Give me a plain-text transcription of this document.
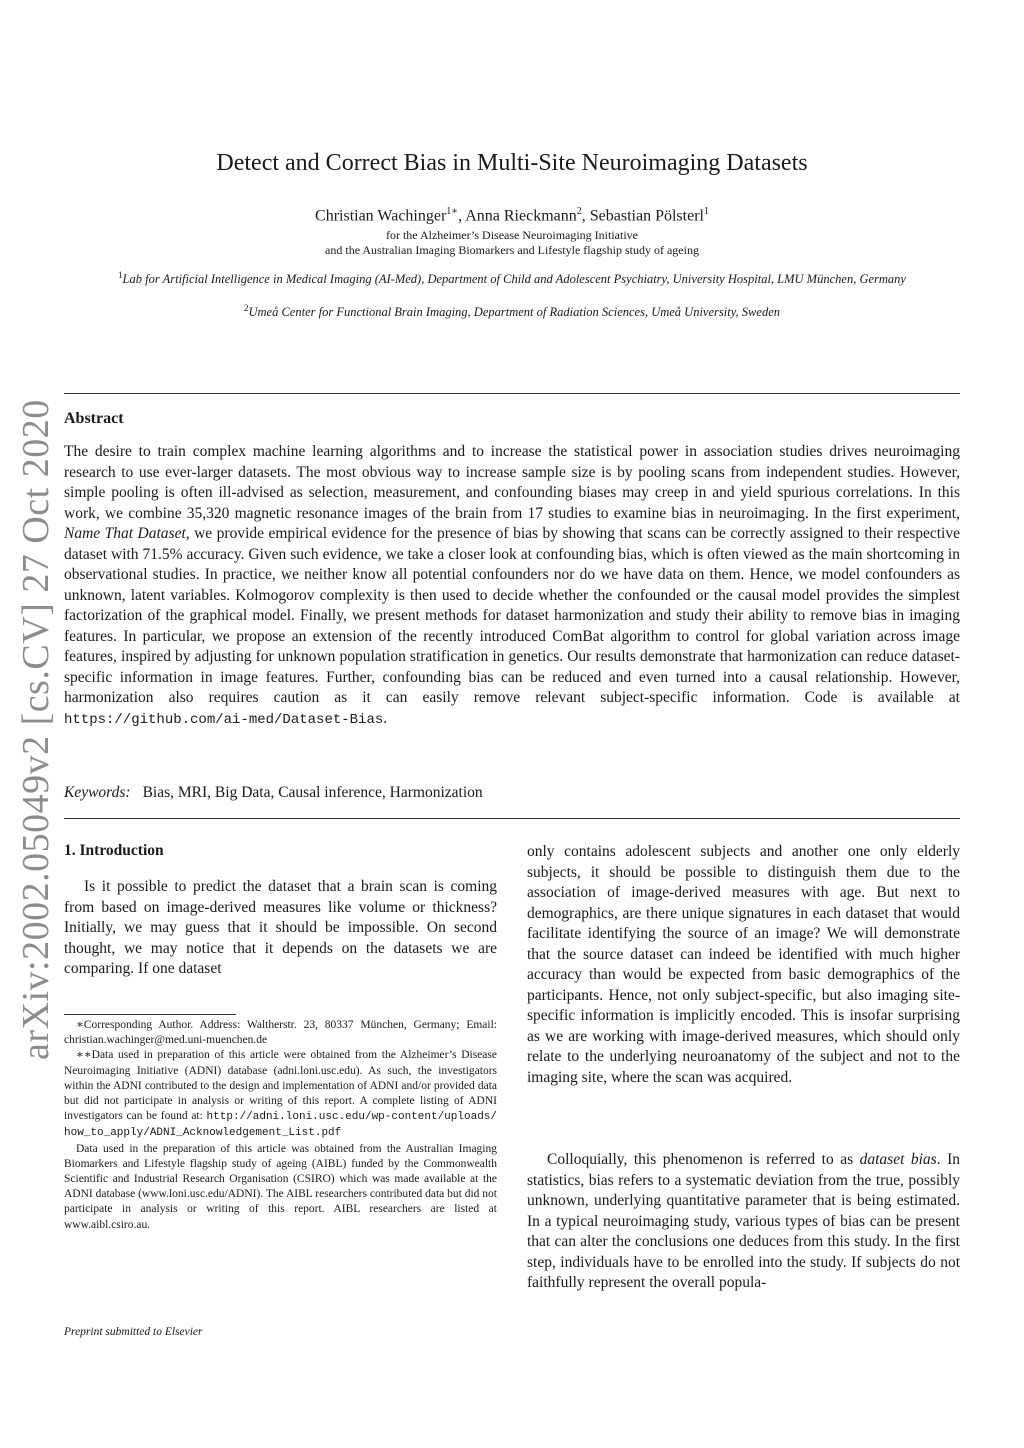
arXiv:2002.05049v2 [cs.CV] 27 Oct 2020
Detect and Correct Bias in Multi-Site Neuroimaging Datasets
Christian Wachinger$^{1∗}$, Anna Rieckmann$^2$, Sebastian Pölsterl$^1$
for the Alzheimer’s Disease Neuroimaging Initiative
and the Australian Imaging Biomarkers and Lifestyle flagship study of ageing
$^1$Lab for Artificial Intelligence in Medical Imaging (AI-Med), Department of Child and Adolescent Psychiatry, University Hospital, LMU München, Germany
$^2$Umeå Center for Functional Brain Imaging, Department of Radiation Sciences, Umeå University, Sweden
Abstract

The desire to train complex machine learning algorithms and to increase the statistical power in association studies drives neuroimaging research to use ever-larger datasets. The most obvious way to increase sample size is by pooling scans from independent studies. However, simple pooling is often ill-advised as selection, measurement, and confounding biases may creep in and yield spurious correlations. In this work, we combine 35,320 magnetic resonance images of the brain from 17 studies to examine bias in neuroimaging. In the first experiment, Name That Dataset, we provide empirical evidence for the presence of bias by showing that scans can be correctly assigned to their respective dataset with 71.5% accuracy. Given such evidence, we take a closer look at confounding bias, which is often viewed as the main shortcoming in observational studies. In practice, we neither know all potential confounders nor do we have data on them. Hence, we model confounders as unknown, latent variables. Kolmogorov complexity is then used to decide whether the confounded or the causal model provides the simplest factorization of the graphical model. Finally, we present methods for dataset harmonization and study their ability to remove bias in imaging features. In particular, we propose an extension of the recently introduced ComBat algorithm to control for global variation across image features, inspired by adjusting for unknown population stratification in genetics. Our results demonstrate that harmonization can reduce dataset-specific information in image features. Further, confounding bias can be reduced and even turned into a causal relationship. However, harmonization also requires caution as it can easily remove relevant subject-specific information. Code is available at https://github.com/ai-med/Dataset-Bias.

Keywords: Bias, MRI, Big Data, Causal inference, Harmonization
1. Introduction

Is it possible to predict the dataset that a brain scan is coming from based on image-derived measures like volume or thickness? Initially, we may guess that it should be impossible. On second thought, we may notice that it depends on the datasets we are comparing. If one dataset

∗Corresponding Author. Address: Waltherstr. 23, 80337 München, Germany; Email: christian.wachinger@med.uni-muenchen.de

∗∗Data used in preparation of this article were obtained from the Alzheimer’s Disease Neuroimaging Initiative (ADNI) database (adni.loni.usc.edu). As such, the investigators within the ADNI contributed to the design and implementation of ADNI and/or provided data but did not participate in analysis or writing of this report. A complete listing of ADNI investigators can be found at: http://adni.loni.usc.edu/wp-content/uploads/how_to_apply/ADNI_Acknowledgement_List.pdf

Data used in the preparation of this article was obtained from the Australian Imaging Biomarkers and Lifestyle flagship study of ageing (AIBL) funded by the Commonwealth Scientific and Industrial Research Organisation (CSIRO) which was made available at the ADNI database (www.loni.usc.edu/ADNI). The AIBL researchers contributed data but did not participate in analysis or writing of this report. AIBL researchers are listed at www.aibl.csiro.au.

Preprint submitted to Elsevier

only contains adolescent subjects and another one only elderly subjects, it should be possible to distinguish them due to the association of image-derived measures with age. But next to demographics, are there unique signatures in each dataset that would facilitate identifying the source of an image? We will demonstrate that the source dataset can indeed be identified with much higher accuracy than would be expected from basic demographics of the participants. Hence, not only subject-specific, but also imaging site-specific information is implicitly encoded. This is insofar surprising as we are working with image-derived measures, which should only relate to the underlying neuroanatomy of the subject and not to the imaging site, where the scan was acquired.

Colloquially, this phenomenon is referred to as dataset bias. In statistics, bias refers to a systematic deviation from the true, possibly unknown, underlying quantitative parameter that is being estimated. In a typical neuroimaging study, various types of bias can be present that can alter the conclusions one deduces from this study. In the first step, individuals have to be enrolled into the study. If subjects do not faithfully represent the overall popula-
